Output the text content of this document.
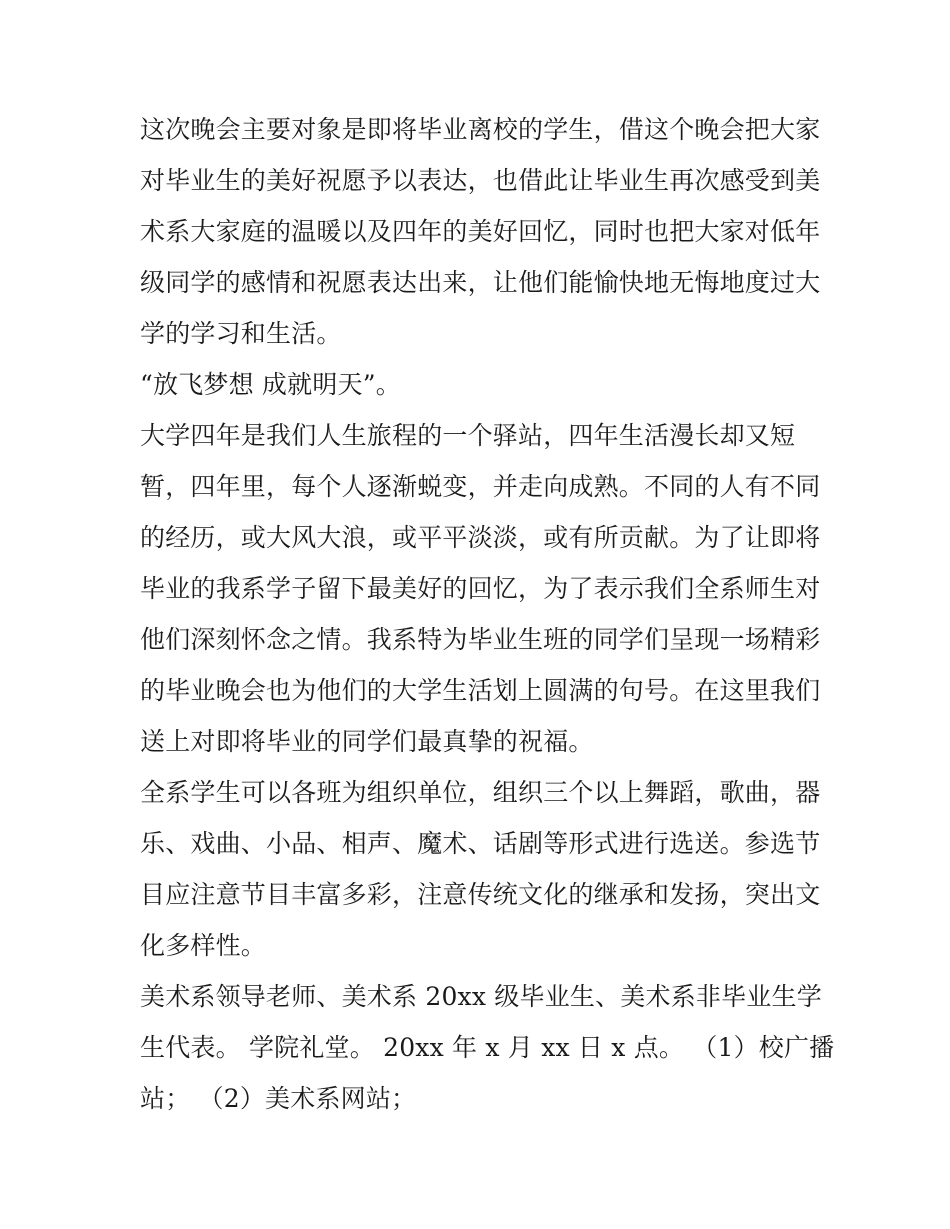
这次晚会主要对象是即将毕业离校的学生，借这个晚会把大家
对毕业生的美好祝愿予以表达，也借此让毕业生再次感受到美
术系大家庭的温暖以及四年的美好回忆，同时也把大家对低年
级同学的感情和祝愿表达出来，让他们能愉快地无悔地度过大
学的学习和生活。
“放飞梦想 成就明天”。
大学四年是我们人生旅程的一个驿站，四年生活漫长却又短
暂，四年里，每个人逐渐蜕变，并走向成熟。不同的人有不同
的经历，或大风大浪，或平平淡淡，或有所贡献。为了让即将
毕业的我系学子留下最美好的回忆，为了表示我们全系师生对
他们深刻怀念之情。我系特为毕业生班的同学们呈现一场精彩
的毕业晚会也为他们的大学生活划上圆满的句号。在这里我们
送上对即将毕业的同学们最真挚的祝福。
全系学生可以各班为组织单位，组织三个以上舞蹈，歌曲，器
乐、戏曲、小品、相声、魔术、话剧等形式进行选送。参选节
目应注意节目丰富多彩，注意传统文化的继承和发扬，突出文
化多样性。
美术系领导老师、美术系 20xx 级毕业生、美术系非毕业生学
生代表。 学院礼堂。 20xx 年 x 月 xx 日 x 点。 （1）校广播
站； （2）美术系网站；
